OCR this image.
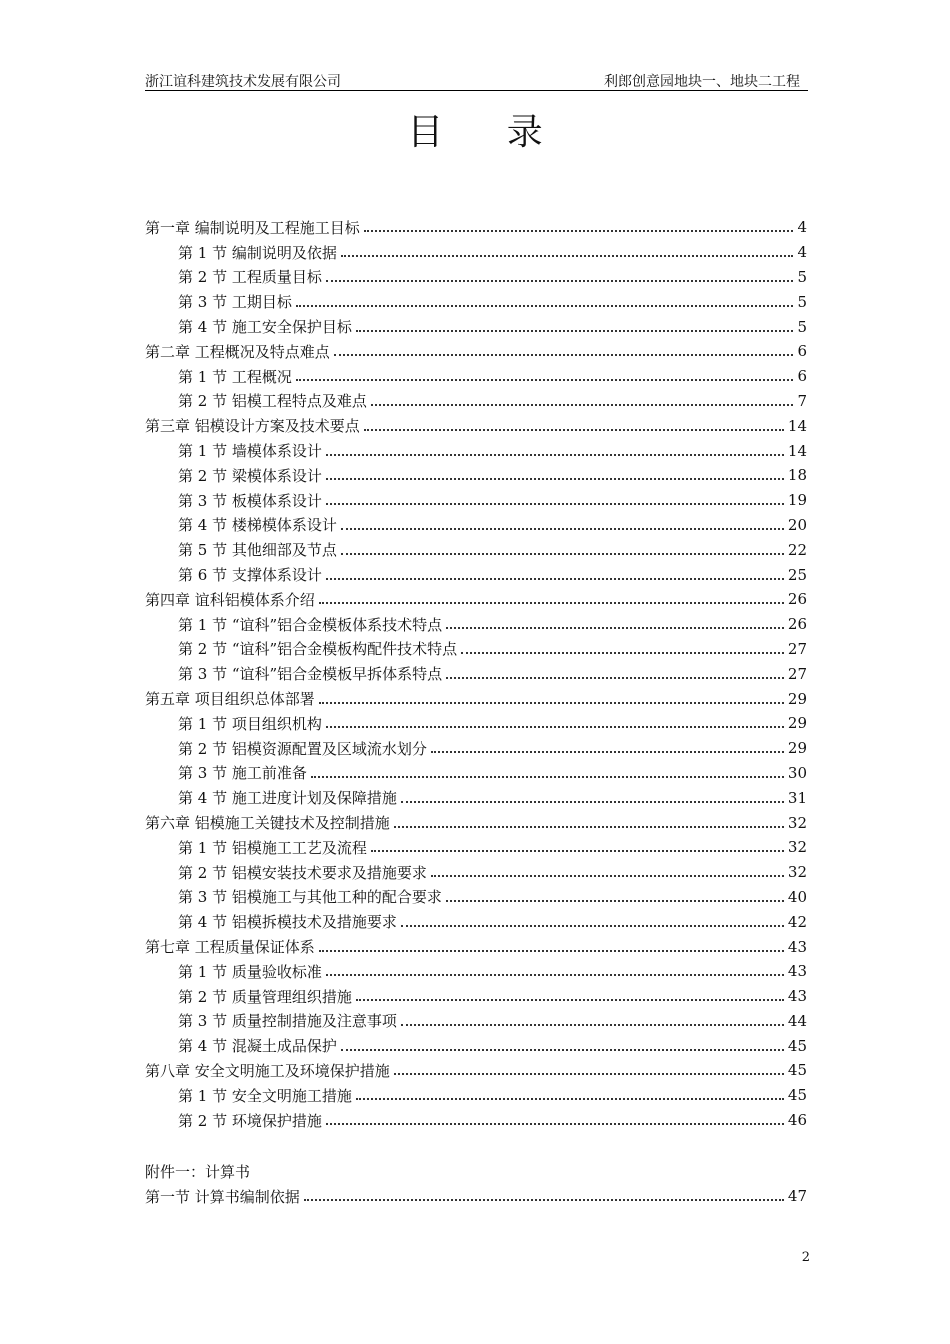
浙江谊科建筑技术发展有限公司	利郎创意园地块一、地块二工程
目 录
第一章 编制说明及工程施工目标	4
第 1 节 编制说明及依据	4
第 2 节 工程质量目标	5
第 3 节 工期目标	5
第 4 节 施工安全保护目标	5
第二章 工程概况及特点难点	6
第 1 节 工程概况	6
第 2 节 铝模工程特点及难点	7
第三章 铝模设计方案及技术要点	14
第 1 节 墙模体系设计	14
第 2 节 梁模体系设计	18
第 3 节 板模体系设计	19
第 4 节 楼梯模体系设计	20
第 5 节 其他细部及节点	22
第 6 节 支撑体系设计	25
第四章 谊科铝模体系介绍	26
第 1 节 “谊科”铝合金模板体系技术特点	26
第 2 节 “谊科”铝合金模板构配件技术特点	27
第 3 节 “谊科”铝合金模板早拆体系特点	27
第五章 项目组织总体部署	29
第 1 节 项目组织机构	29
第 2 节 铝模资源配置及区域流水划分	29
第 3 节 施工前准备	30
第 4 节 施工进度计划及保障措施	31
第六章 铝模施工关键技术及控制措施	32
第 1 节 铝模施工工艺及流程	32
第 2 节 铝模安装技术要求及措施要求	32
第 3 节 铝模施工与其他工种的配合要求	40
第 4 节 铝模拆模技术及措施要求	42
第七章 工程质量保证体系	43
第 1 节 质量验收标准	43
第 2 节 质量管理组织措施	43
第 3 节 质量控制措施及注意事项	44
第 4 节 混凝土成品保护	45
第八章 安全文明施工及环境保护措施	45
第 1 节 安全文明施工措施	45
第 2 节 环境保护措施	46
附件一：计算书
第一节 计算书编制依据	47
2
